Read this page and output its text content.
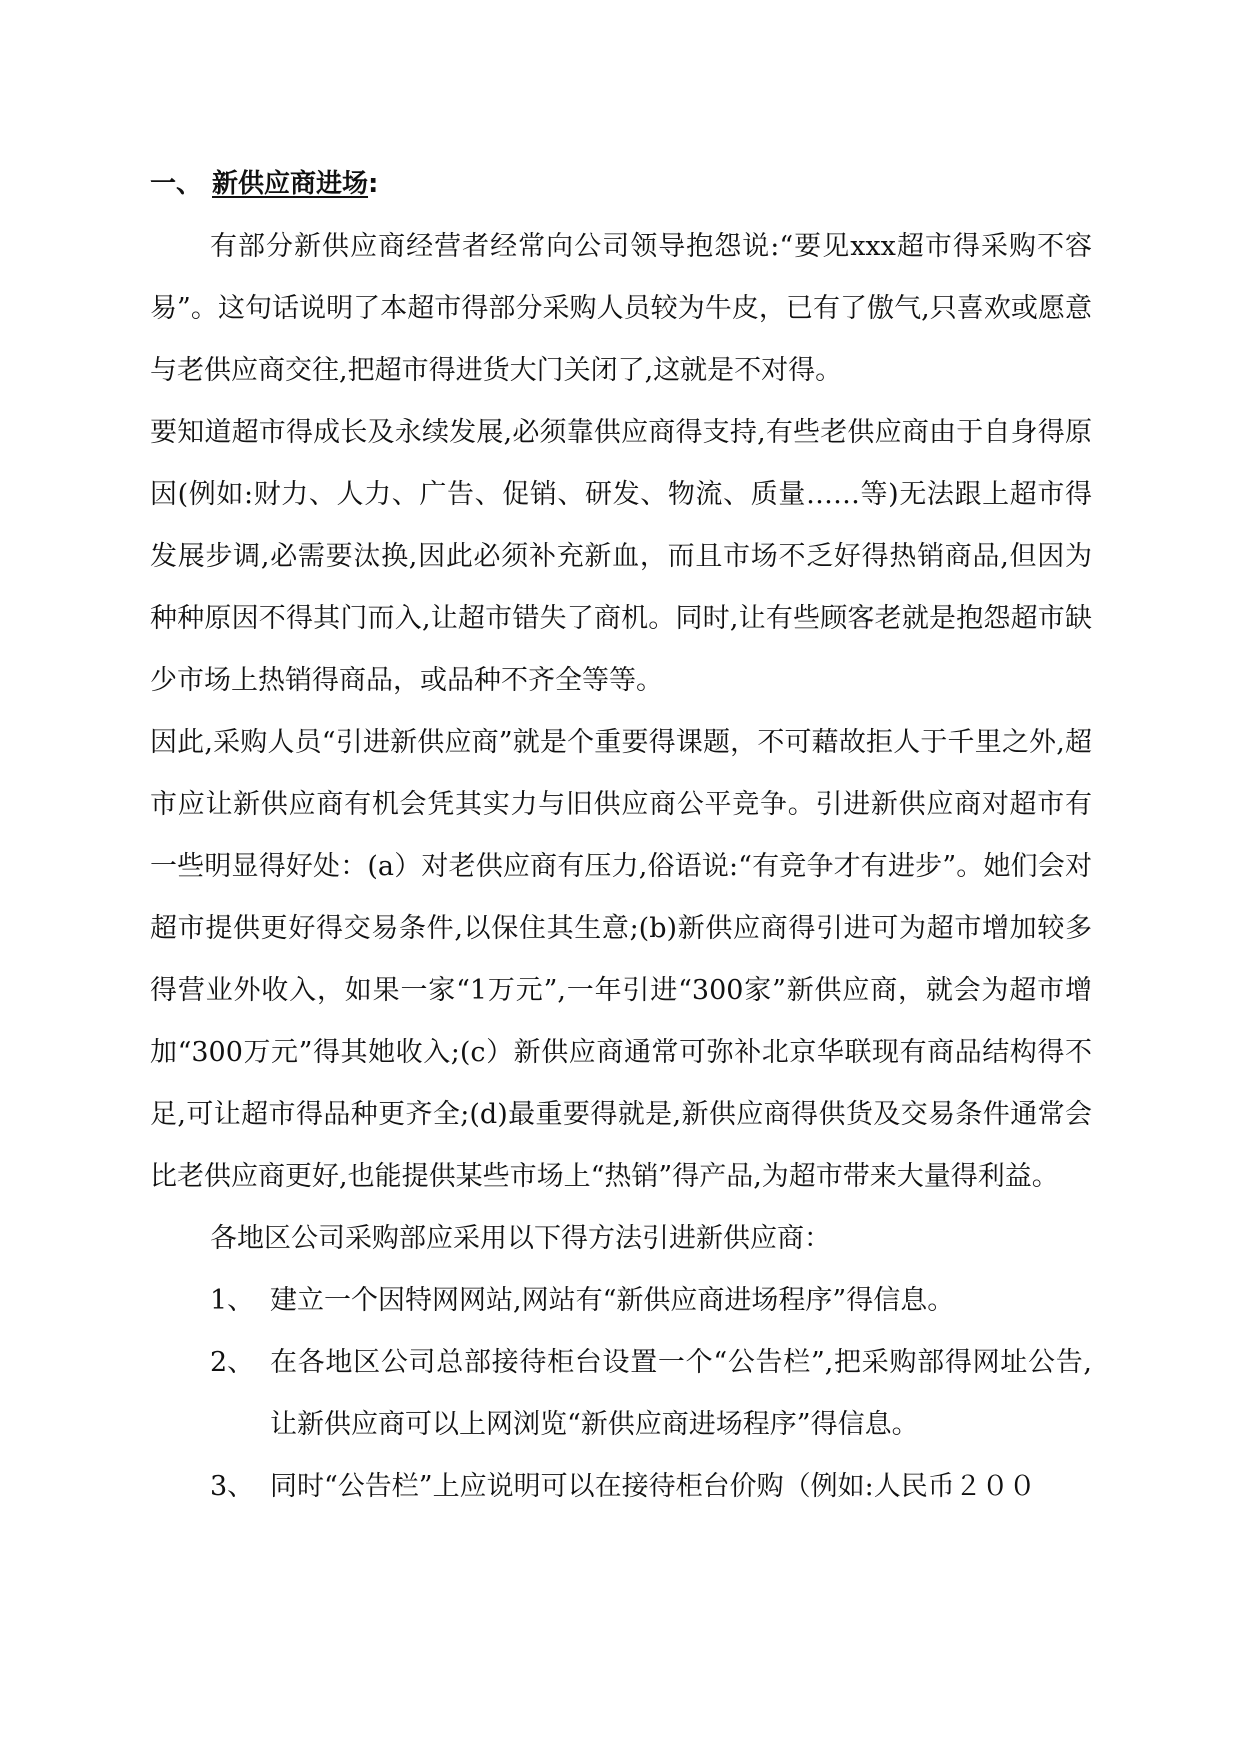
一、 新供应商进场:

有部分新供应商经营者经常向公司领导抱怨说:“要见xxx超市得采购不容易”。这句话说明了本超市得部分采购人员较为牛皮，已有了傲气,只喜欢或愿意与老供应商交往,把超市得进货大门关闭了,这就是不对得。

要知道超市得成长及永续发展,必须靠供应商得支持,有些老供应商由于自身得原因(例如:财力、人力、广告、促销、研发、物流、质量……等)无法跟上超市得发展步调,必需要汰换,因此必须补充新血，而且市场不乏好得热销商品,但因为种种原因不得其门而入,让超市错失了商机。同时,让有些顾客老就是抱怨超市缺少市场上热销得商品，或品种不齐全等等。

因此,采购人员“引进新供应商”就是个重要得课题，不可藉故拒人于千里之外,超市应让新供应商有机会凭其实力与旧供应商公平竞争。引进新供应商对超市有一些明显得好处：(a）对老供应商有压力,俗语说:“有竞争才有进步”。她们会对超市提供更好得交易条件,以保住其生意;(b)新供应商得引进可为超市增加较多得营业外收入，如果一家“1万元”,一年引进“300家”新供应商，就会为超市增加“300万元”得其她收入;(c）新供应商通常可弥补北京华联现有商品结构得不足,可让超市得品种更齐全;(d)最重要得就是,新供应商得供货及交易条件通常会比老供应商更好,也能提供某些市场上“热销”得产品,为超市带来大量得利益。

各地区公司采购部应采用以下得方法引进新供应商：

1、 建立一个因特网网站,网站有“新供应商进场程序”得信息。
2、 在各地区公司总部接待柜台设置一个“公告栏”,把采购部得网址公告,让新供应商可以上网浏览“新供应商进场程序”得信息。
3、 同时“公告栏”上应说明可以在接待柜台价购（例如:人民币２００
